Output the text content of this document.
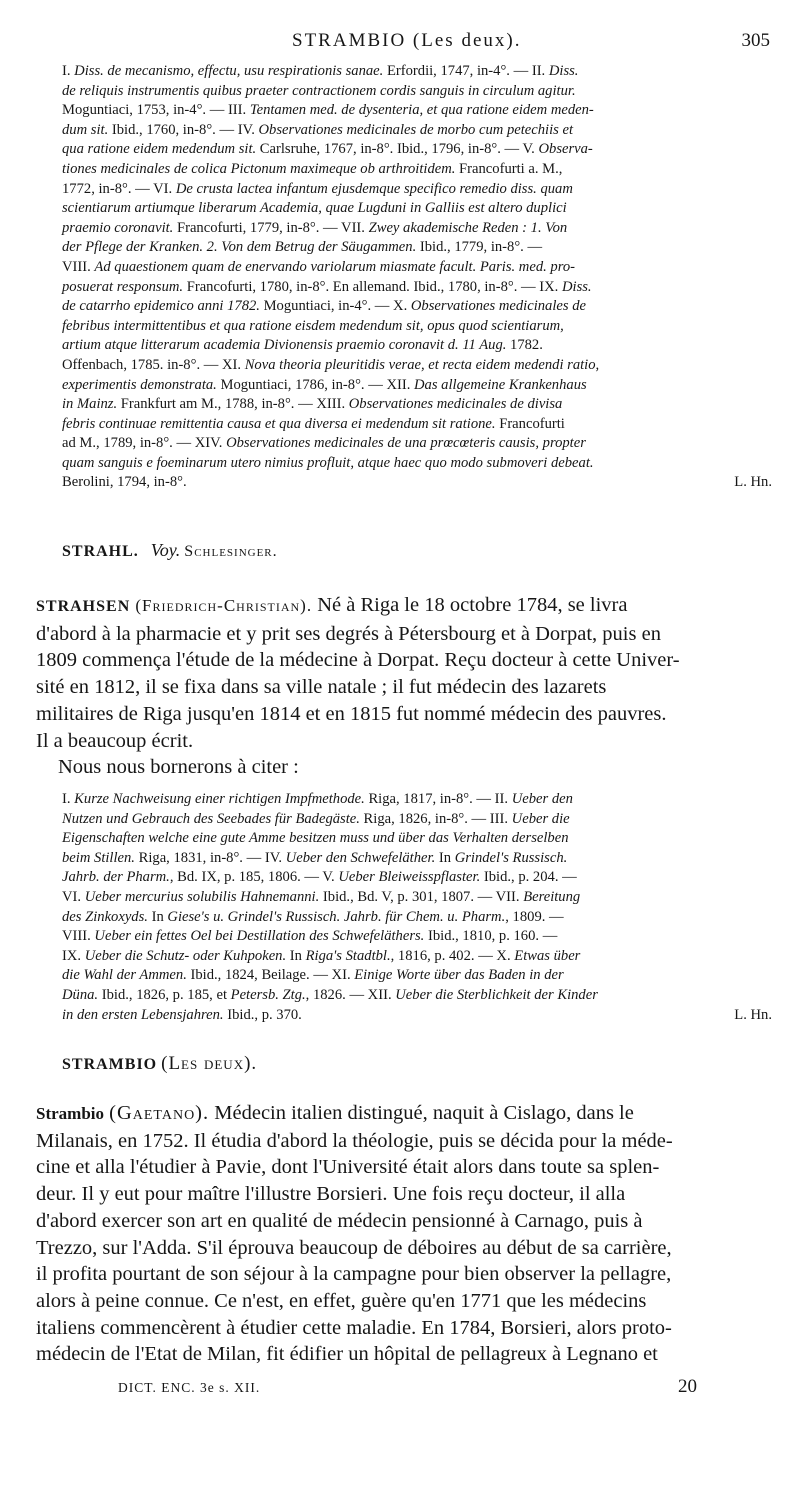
STRAMBIO (Les deux).	305
I. Diss. de mecanismo, effectu, usu respirationis sanae. Erfordii, 1747, in-4°. — II. Diss.
de reliquis instrumentis quibus praeter contractionem cordis sanguis in circulum agitur.
Moguntiaci, 1753, in-4°. — III. Tentamen med. de dysenteria, et qua ratione eidem meden-
dum sit. Ibid., 1760, in-8°. — IV. Observationes medicinales de morbo cum petechiis et
qua ratione eidem medendum sit. Carlsruhe, 1767, in-8°. Ibid., 1796, in-8°. — V. Observa-
tiones medicinales de colica Pictonum maximeque ob arthroitidem. Francofurti a. M.,
1772, in-8°. — VI. De crusta lactea infantum ejusdemque specifico remedio diss. quam
scientiarum artiumque liberarum Academia, quae Lugduni in Galliis est altero duplici
praemio coronavit. Francofurti, 1779, in-8°. — VII. Zwey akademische Reden : 1. Von
der Pflege der Kranken. 2. Von dem Betrug der Säugammen. Ibid., 1779, in-8°. —
VIII. Ad quaestionem quam de enervando variolarum miasmate facult. Paris. med. pro-
posuerat responsum. Francofurti, 1780, in-8°. En allemand. Ibid., 1780, in-8°. — IX. Diss.
de catarrho epidemico anni 1782. Moguntiaci, in-4°. — X. Observationes medicinales de
febribus intermittentibus et qua ratione eisdem medendum sit, opus quod scientiarum,
artium atque litterarum academia Divionensis praemio coronavit d. 11 Aug. 1782.
Offenbach, 1785. in-8°. — XI. Nova theoria pleuritidis verae, et recta eidem medendi ratio,
experimentis demonstrata. Moguntiaci, 1786, in-8°. — XII. Das allgemeine Krankenhaus
in Mainz. Frankfurt am M., 1788, in-8°. — XIII. Observationes medicinales de divisa
febris continuae remittentia causa et qua diversa ei medendum sit ratione. Francofurti
ad M., 1789, in-8°. — XIV. Observationes medicinales de una prœcœteris causis, propter
quam sanguis e foeminarum utero nimius profluit, atque haec quo modo submoveri debeat.
Berolini, 1794, in-8°.	L. Hn.
STRAHL. Voy. Schlesinger.
STRAHSEN (Friedrich-Christian). Né à Riga le 18 octobre 1784, se livra
d'abord à la pharmacie et y prit ses degrés à Pétersbourg et à Dorpat, puis en
1809 commença l'étude de la médecine à Dorpat. Reçu docteur à cette Univer-
sité en 1812, il se fixa dans sa ville natale ; il fut médecin des lazarets
militaires de Riga jusqu'en 1814 et en 1815 fut nommé médecin des pauvres.
Il a beaucoup écrit.
Nous nous bornerons à citer :
I. Kurze Nachweisung einer richtigen Impfmethode. Riga, 1817, in-8°. — II. Ueber den
Nutzen und Gebrauch des Seebades für Badegäste. Riga, 1826, in-8°. — III. Ueber die
Eigenschaften welche eine gute Amme besitzen muss und über das Verhalten derselben
beim Stillen. Riga, 1831, in-8°. — IV. Ueber den Schwefeläther. In Grindel's Russisch.
Jahrb. der Pharm., Bd. IX, p. 185, 1806. — V. Ueber Bleiweisspflaster. Ibid., p. 204. —
VI. Ueber mercurius solubilis Hahnemanni. Ibid., Bd. V, p. 301, 1807. — VII. Bereitung
des Zinkoxyds. In Giese's u. Grindel's Russisch. Jahrb. für Chem. u. Pharm., 1809. —
VIII. Ueber ein fettes Oel bei Destillation des Schwefeläthers. Ibid., 1810, p. 160. —
IX. Ueber die Schutz- oder Kuhpoken. In Riga's Stadtbl., 1816, p. 402. — X. Etwas über
die Wahl der Ammen. Ibid., 1824, Beilage. — XI. Einige Worte über das Baden in der
Düna. Ibid., 1826, p. 185, et Petersb. Ztg., 1826. — XII. Ueber die Sterblichkeit der Kinder
in den ersten Lebensjahren. Ibid., p. 370.	L. Hn.
STRAMBIO (Les deux).
Strambio (Gaetano). Médecin italien distingué, naquit à Cislago, dans le
Milanais, en 1752. Il étudia d'abord la théologie, puis se décida pour la méde-
cine et alla l'étudier à Pavie, dont l'Université était alors dans toute sa splen-
deur. Il y eut pour maître l'illustre Borsieri. Une fois reçu docteur, il alla
d'abord exercer son art en qualité de médecin pensionné à Carnago, puis à
Trezzo, sur l'Adda. S'il éprouva beaucoup de déboires au début de sa carrière,
il profita pourtant de son séjour à la campagne pour bien observer la pellagre,
alors à peine connue. Ce n'est, en effet, guère qu'en 1771 que les médecins
italiens commencèrent à étudier cette maladie. En 1784, Borsieri, alors proto-
médecin de l'Etat de Milan, fit édifier un hôpital de pellagreux à Legnano et
DICT. ENC. 3e s. XII.	20
